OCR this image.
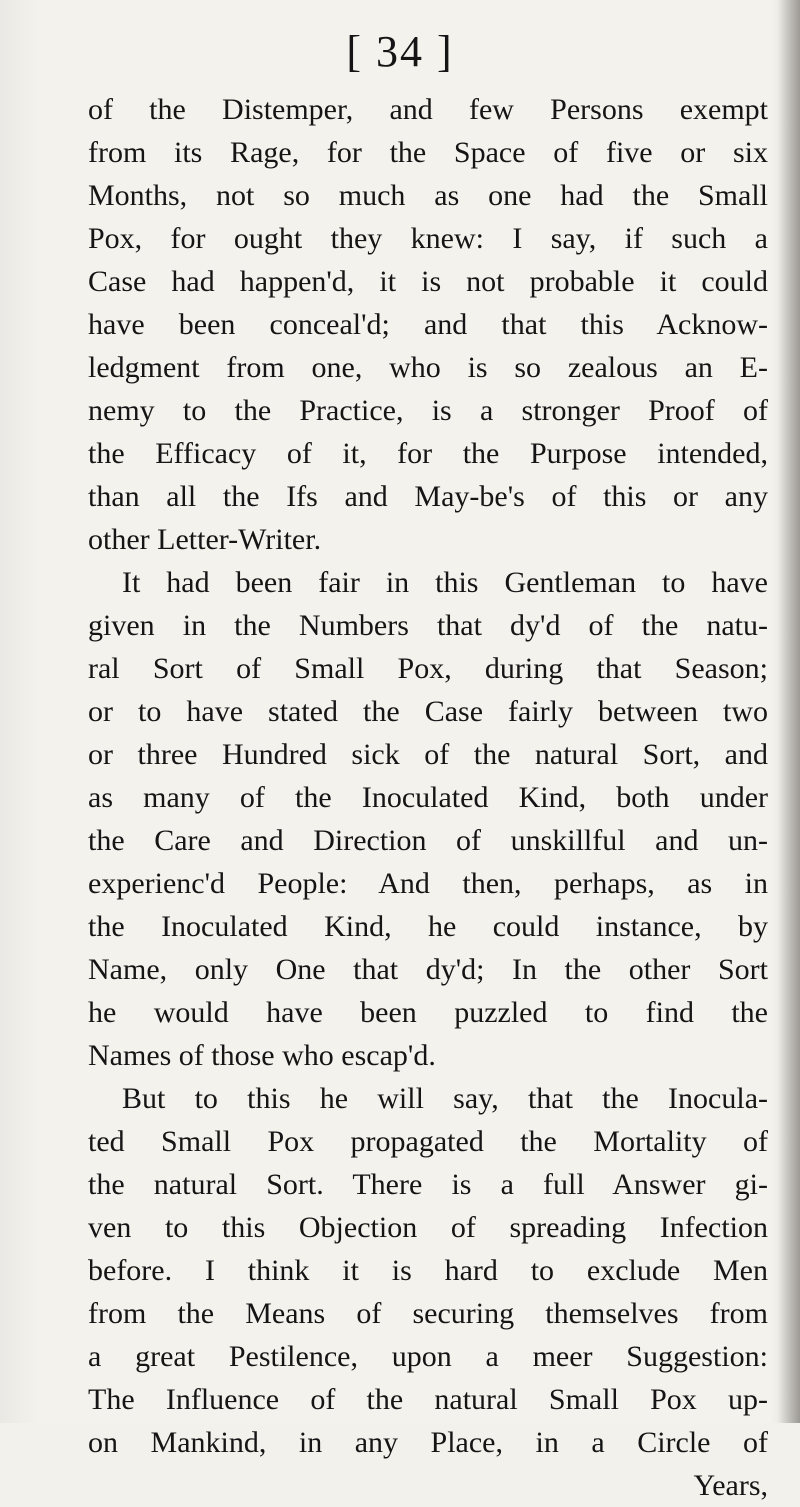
[ 34 ]
of the Distemper, and few Persons exempt
from its Rage, for the Space of five or six
Months, not so much as one had the Small
Pox, for ought they knew: I say, if such a
Case had happen'd, it is not probable it could
have been conceal'd; and that this Acknow-
ledgment from one, who is so zealous an E-
nemy to the Practice, is a stronger Proof of
the Efficacy of it, for the Purpose intended,
than all the Ifs and May-be's of this or any
other Letter-Writer.
It had been fair in this Gentleman to have
given in the Numbers that dy'd of the natu-
ral Sort of Small Pox, during that Season;
or to have stated the Case fairly between two
or three Hundred sick of the natural Sort, and
as many of the Inoculated Kind, both under
the Care and Direction of unskillful and un-
experienc'd People: And then, perhaps, as in
the Inoculated Kind, he could instance, by
Name, only One that dy'd; In the other Sort
he would have been puzzled to find the
Names of those who escap'd.
But to this he will say, that the Inocula-
ted Small Pox propagated the Mortality of
the natural Sort. There is a full Answer gi-
ven to this Objection of spreading Infection
before. I think it is hard to exclude Men
from the Means of securing themselves from
a great Pestilence, upon a meer Suggestion:
The Influence of the natural Small Pox up-
on Mankind, in any Place, in a Circle of
Years,
